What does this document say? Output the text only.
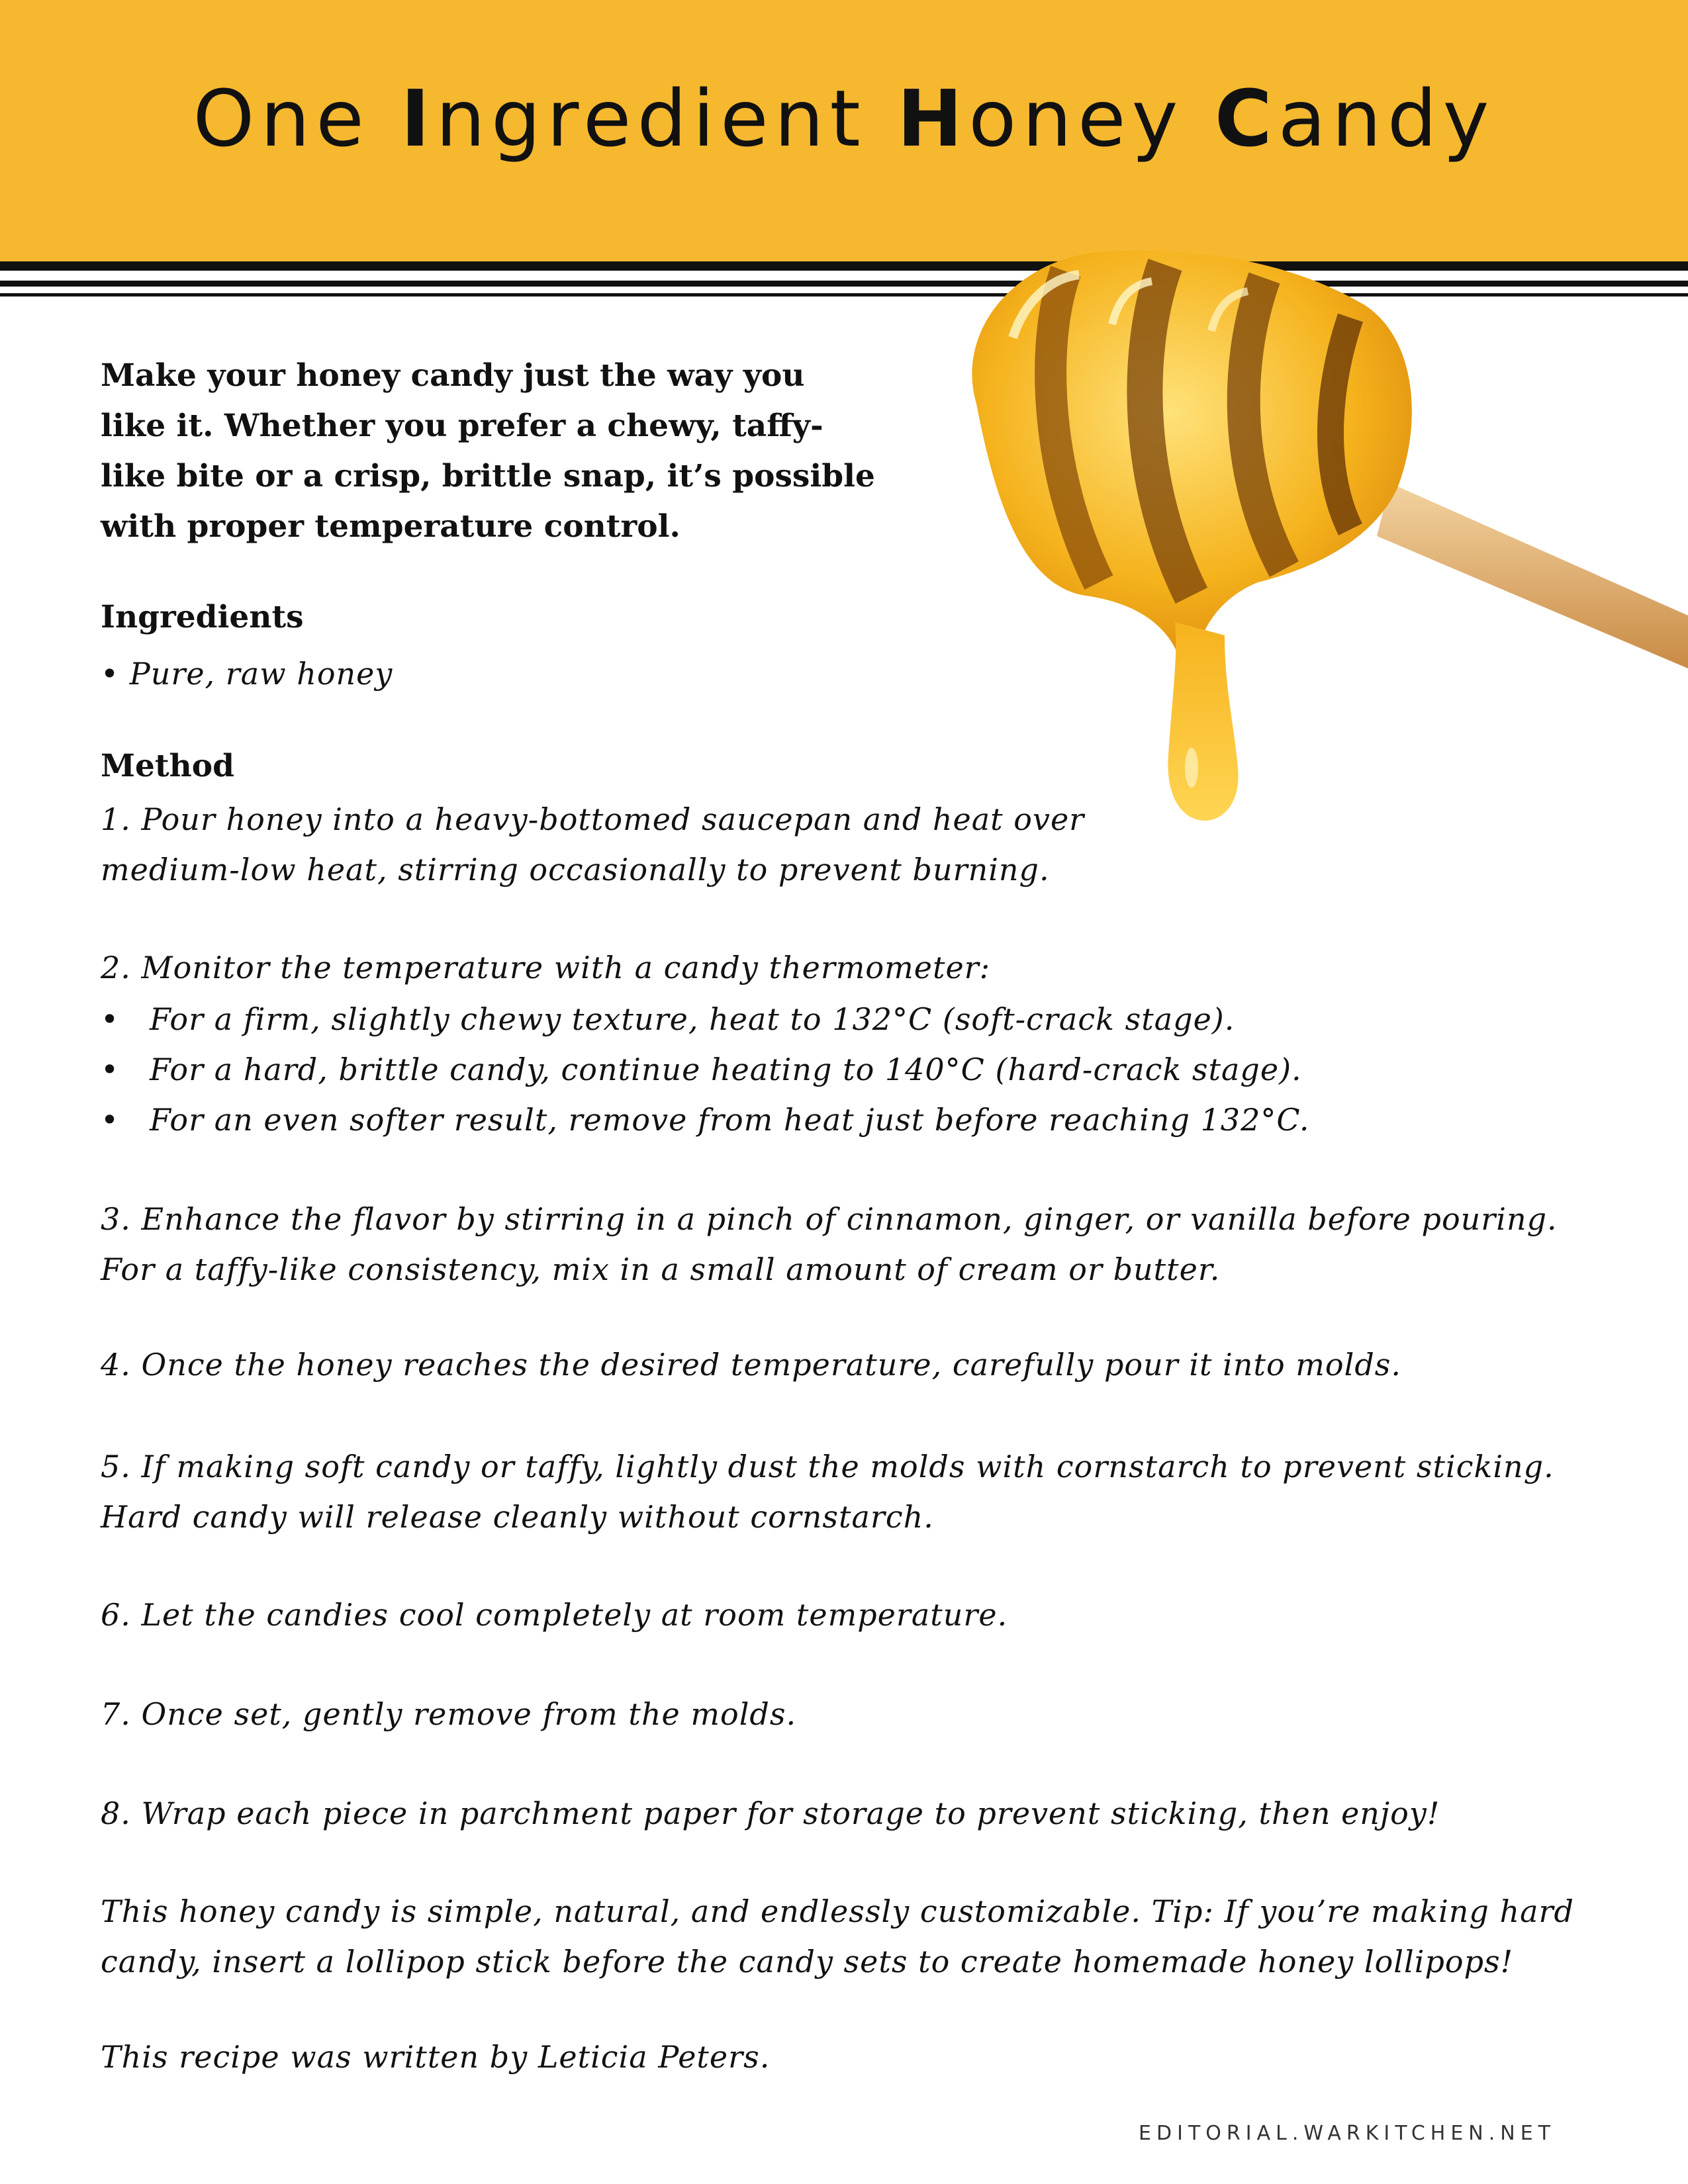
One Ingredient Honey Candy
Make your honey candy just the way you
like it. Whether you prefer a chewy, taffy-
like bite or a crisp, brittle snap, it’s possible
with proper temperature control.

Ingredients

• Pure, raw honey

Method

1. Pour honey into a heavy-bottomed saucepan and heat over
medium-low heat, stirring occasionally to prevent burning.
2. Monitor the temperature with a candy thermometer:
• For a firm, slightly chewy texture, heat to 132°C (soft-crack stage).
• For a hard, brittle candy, continue heating to 140°C (hard-crack stage).
• For an even softer result, remove from heat just before reaching 132°C.
3. Enhance the flavor by stirring in a pinch of cinnamon, ginger, or vanilla before pouring.
For a taffy-like consistency, mix in a small amount of cream or butter.
4. Once the honey reaches the desired temperature, carefully pour it into molds.
5. If making soft candy or taffy, lightly dust the molds with cornstarch to prevent sticking.
Hard candy will release cleanly without cornstarch.
6. Let the candies cool completely at room temperature.
7. Once set, gently remove from the molds.
8. Wrap each piece in parchment paper for storage to prevent sticking, then enjoy!
This honey candy is simple, natural, and endlessly customizable. Tip: If you’re making hard
candy, insert a lollipop stick before the candy sets to create homemade honey lollipops!
This recipe was written by Leticia Peters.

EDITORIAL.WARKITCHEN.NET
